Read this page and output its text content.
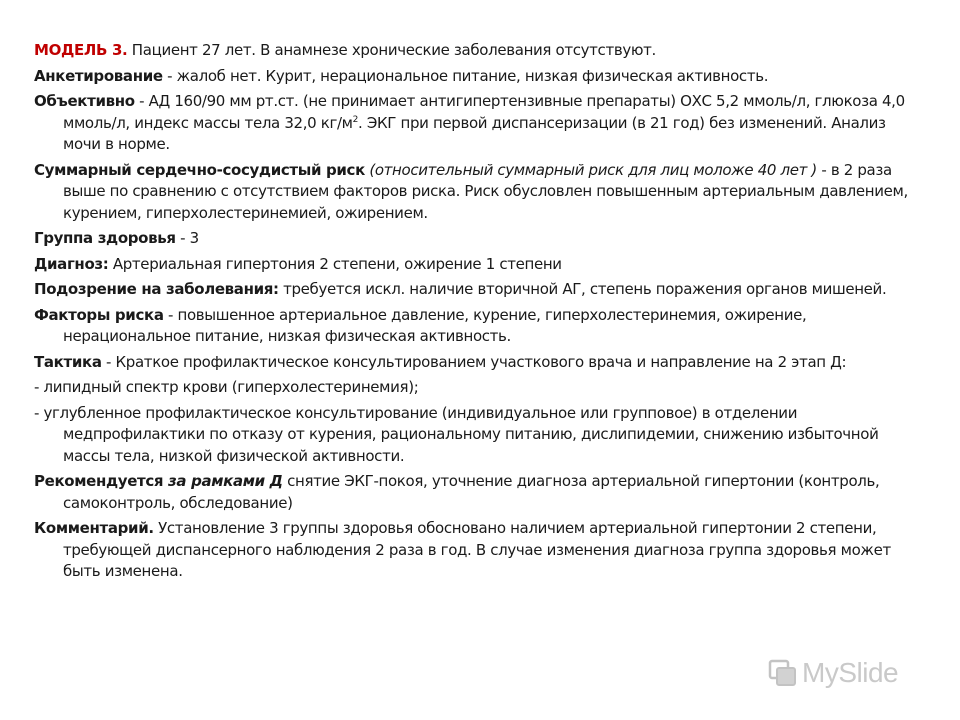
МОДЕЛЬ 3. Пациент 27 лет. В анамнезе хронические заболевания отсутствуют.

Анкетирование - жалоб нет. Курит, нерациональное питание, низкая физическая активность.

Объективно - АД 160/90 мм рт.ст. (не принимает антигипертензивные препараты) ОХС 5,2 ммоль/л, глюкоза 4,0 ммоль/л, индекс массы тела 32,0 $кг/м^2$. ЭКГ при первой диспансеризации (в 21 год) без изменений. Анализ мочи в норме.

Суммарный сердечно-сосудистый риск (относительный суммарный риск для лиц моложе 40 лет ) - в 2 раза выше по сравнению с отсутствием факторов риска. Риск обусловлен повышенным артериальным давлением, курением, гиперхолестеринемией, ожирением.

Группа здоровья - 3

Диагноз: Артериальная гипертония 2 степени, ожирение 1 степени

Подозрение на заболевания: требуется искл. наличие вторичной АГ, степень поражения органов мишеней.

Факторы риска - повышенное артериальное давление, курение, гиперхолестеринемия, ожирение, нерациональное питание, низкая физическая активность.

Тактика - Краткое профилактическое консультированием участкового врача и направление на 2 этап Д:

- липидный спектр крови (гиперхолестеринемия);

- углубленное профилактическое консультирование (индивидуальное или групповое) в отделении медпрофилактики по отказу от курения, рациональному питанию, дислипидемии, снижению избыточной массы тела, низкой физической активности.

Рекомендуется за рамками Д снятие ЭКГ-покоя, уточнение диагноза артериальной гипертонии (контроль, самоконтроль, обследование)

Комментарий. Установление 3 группы здоровья обосновано наличием артериальной гипертонии 2 степени, требующей диспансерного наблюдения 2 раза в год. В случае изменения диагноза группа здоровья может быть изменена.

MySlide
